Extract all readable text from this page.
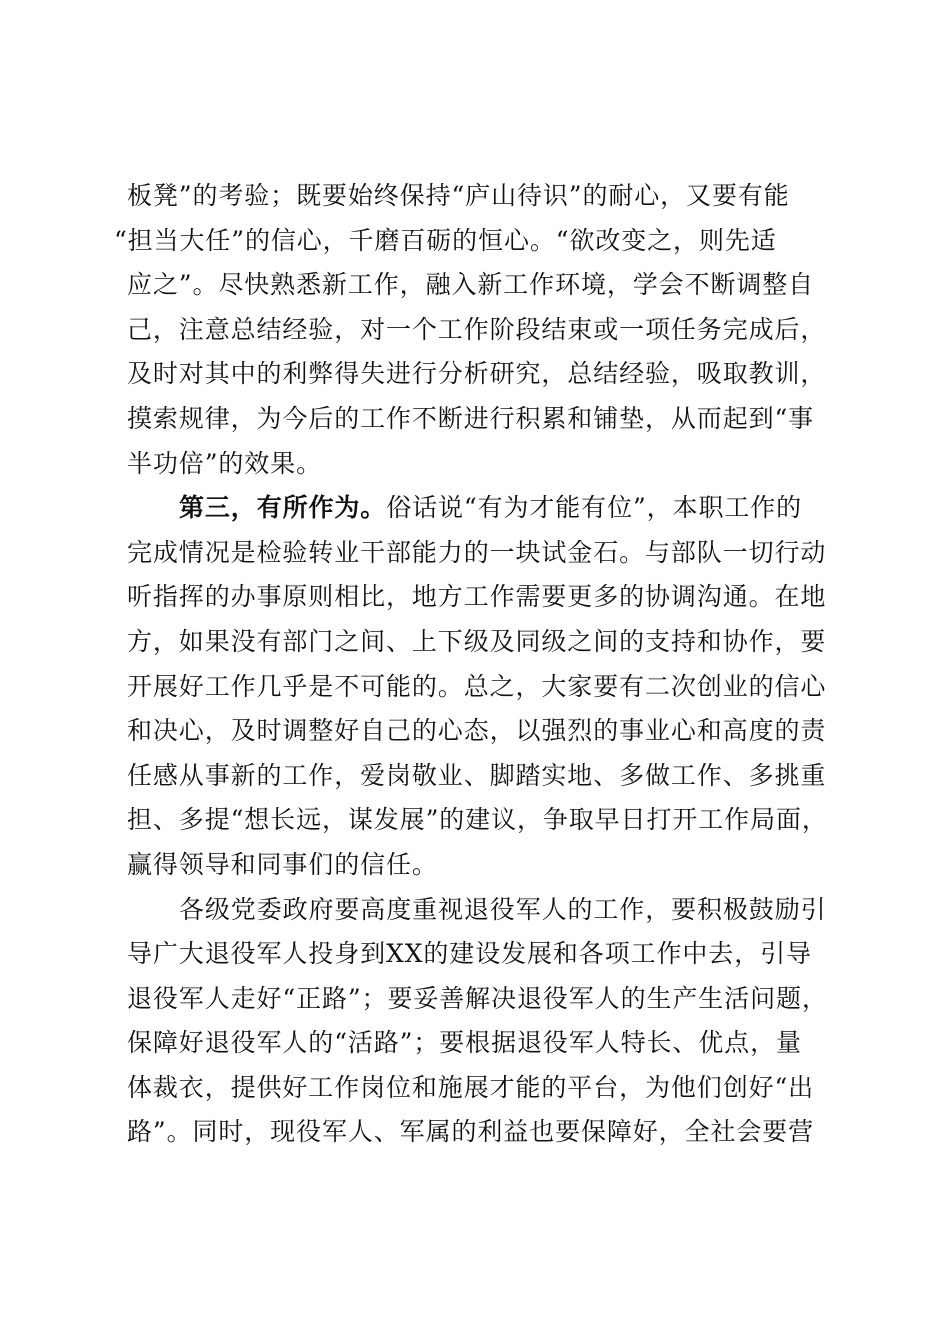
板凳”的考验；既要始终保持“庐山待识”的耐心，又要有能
“担当大任”的信心，千磨百砺的恒心。“欲改变之，则先适
应之”。尽快熟悉新工作，融入新工作环境，学会不断调整自
己，注意总结经验，对一个工作阶段结束或一项任务完成后，
及时对其中的利弊得失进行分析研究，总结经验，吸取教训，
摸索规律，为今后的工作不断进行积累和铺垫，从而起到“事
半功倍”的效果。
第三，有所作为。俗话说“有为才能有位”，本职工作的
完成情况是检验转业干部能力的一块试金石。与部队一切行动
听指挥的办事原则相比，地方工作需要更多的协调沟通。在地
方，如果没有部门之间、上下级及同级之间的支持和协作，要
开展好工作几乎是不可能的。总之，大家要有二次创业的信心
和决心，及时调整好自己的心态，以强烈的事业心和高度的责
任感从事新的工作，爱岗敬业、脚踏实地、多做工作、多挑重
担、多提“想长远，谋发展”的建议，争取早日打开工作局面，
赢得领导和同事们的信任。
各级党委政府要高度重视退役军人的工作，要积极鼓励引
导广大退役军人投身到XX的建设发展和各项工作中去，引导
退役军人走好“正路”；要妥善解决退役军人的生产生活问题，
保障好退役军人的“活路”；要根据退役军人特长、优点，量
体裁衣，提供好工作岗位和施展才能的平台，为他们创好“出
路”。同时，现役军人、军属的利益也要保障好，全社会要营
